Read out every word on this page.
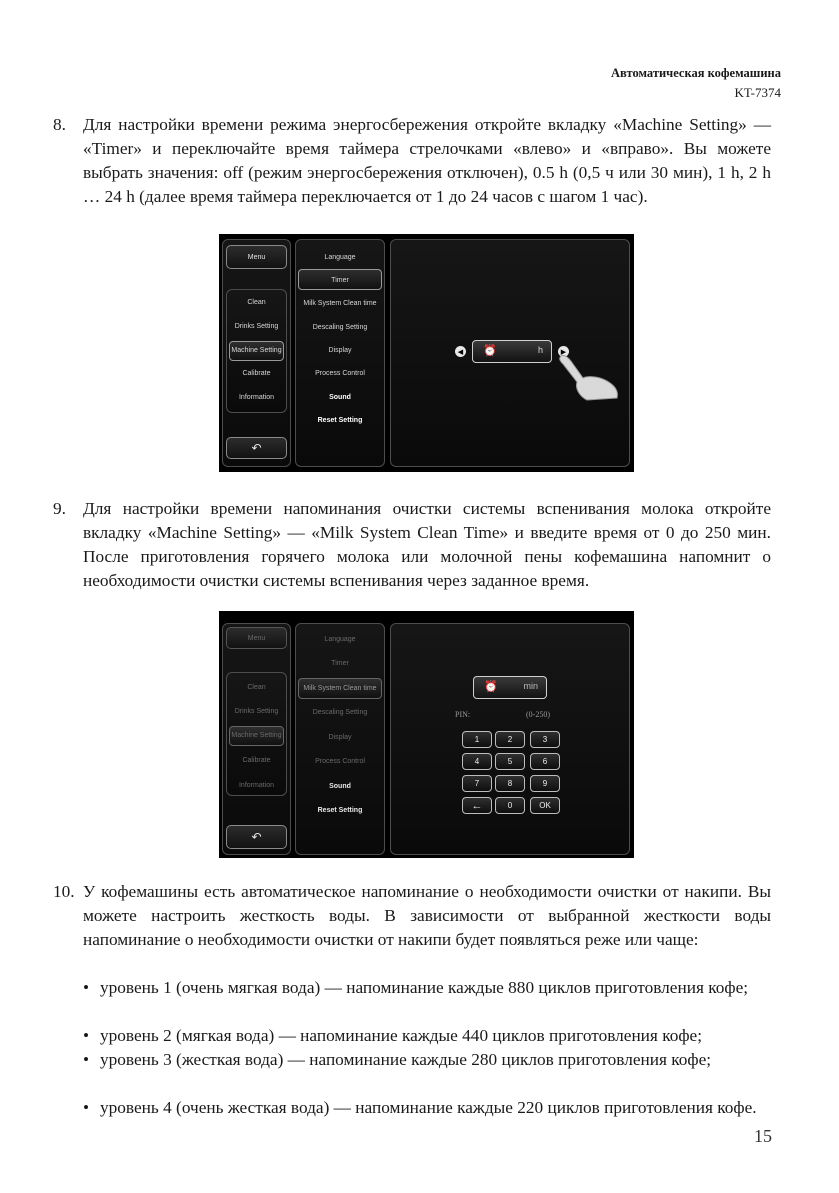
Автоматическая кофемашина
KT-7374
8. Для настройки времени режима энергосбережения откройте вкладку «Machine Setting» — «Timer» и переключайте время таймера стрелочками «влево» и «вправо». Вы можете выбрать значения: off (режим энергосбережения отключен), 0.5 h (0,5 ч или 30 мин), 1 h, 2 h … 24 h (далее время таймера переключается от 1 до 24 часов с шагом 1 час).
Menu
Clean
Drinks Setting
Machine Setting
Calibrate
Information
↶
Language
Timer
Milk System Clean time
Descaling Setting
Display
Process Control
Sound
Reset Setting
◀ ⏰	h	▶
9. Для настройки времени напоминания очистки системы вспенивания молока откройте вкладку «Machine Setting» — «Milk System Clean Time» и введите время от 0 до 250 мин. После приготовления горячего молока или молочной пены кофемашина напомнит о необходимости очистки системы вспенивания через заданное время.
Menu
Clean
Drinks Setting
Machine Setting
Calibrate
Information
↶
Language
Timer
Milk System Clean time
Descaling Setting
Display
Process Control
Sound
Reset Setting
⏰	min
PIN:	(0-250)
1	2	3
4	5	6
7	8	9
←	0	OK
10. У кофемашины есть автоматическое напоминание о необходимости очистки от накипи. Вы можете настроить жесткость воды. В зависимости от выбранной жесткости воды напоминание о необходимости очистки от накипи будет появляться реже или чаще:
• уровень 1 (очень мягкая вода) — напоминание каждые 880 циклов приготовления кофе;
• уровень 2 (мягкая вода) — напоминание каждые 440 циклов приготовления кофе;
• уровень 3 (жесткая вода) — напоминание каждые 280 циклов приготовления кофе;
• уровень 4 (очень жесткая вода) — напоминание каждые 220 циклов приготовления кофе.
15
